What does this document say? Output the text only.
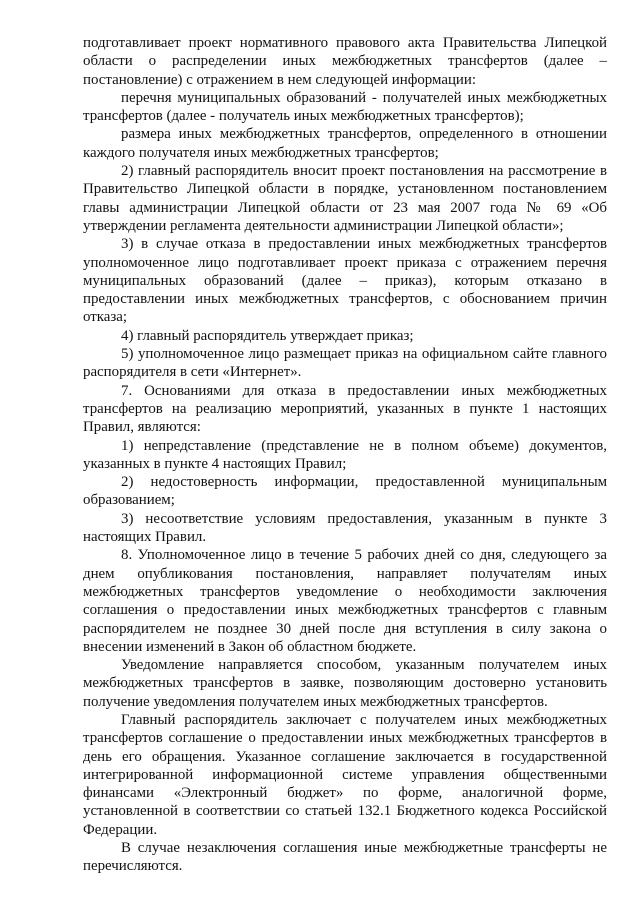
подготавливает проект нормативного правового акта Правительства Липецкой области о распределении иных межбюджетных трансфертов (далее – постановление) с отражением в нем следующей информации:

перечня муниципальных образований - получателей иных межбюджетных трансфертов (далее - получатель иных межбюджетных трансфертов);

размера иных межбюджетных трансфертов, определенного в отношении каждого получателя иных межбюджетных трансфертов;

2) главный распорядитель вносит проект постановления на рассмотрение в Правительство Липецкой области в порядке, установленном постановлением главы администрации Липецкой области от 23 мая 2007 года № 69 «Об утверждении регламента деятельности администрации Липецкой области»;

3) в случае отказа в предоставлении иных межбюджетных трансфертов уполномоченное лицо подготавливает проект приказа с отражением перечня муниципальных образований (далее – приказ), которым отказано в предоставлении иных межбюджетных трансфертов, с обоснованием причин отказа;

4) главный распорядитель утверждает приказ;

5) уполномоченное лицо размещает приказ на официальном сайте главного распорядителя в сети «Интернет».

7. Основаниями для отказа в предоставлении иных межбюджетных трансфертов на реализацию мероприятий, указанных в пункте 1 настоящих Правил, являются:

1) непредставление (представление не в полном объеме) документов, указанных в пункте 4 настоящих Правил;

2) недостоверность информации, предоставленной муниципальным образованием;

3) несоответствие условиям предоставления, указанным в пункте 3 настоящих Правил.

8. Уполномоченное лицо в течение 5 рабочих дней со дня, следующего за днем опубликования постановления, направляет получателям иных межбюджетных трансфертов уведомление о необходимости заключения соглашения о предоставлении иных межбюджетных трансфертов с главным распорядителем не позднее 30 дней после дня вступления в силу закона о внесении изменений в Закон об областном бюджете.

Уведомление направляется способом, указанным получателем иных межбюджетных трансфертов в заявке, позволяющим достоверно установить получение уведомления получателем иных межбюджетных трансфертов.

Главный распорядитель заключает с получателем иных межбюджетных трансфертов соглашение о предоставлении иных межбюджетных трансфертов в день его обращения. Указанное соглашение заключается в государственной интегрированной информационной системе управления общественными финансами «Электронный бюджет» по форме, аналогичной форме, установленной в соответствии со статьей 132.1 Бюджетного кодекса Российской Федерации.

В случае незаключения соглашения иные межбюджетные трансферты не перечисляются.
